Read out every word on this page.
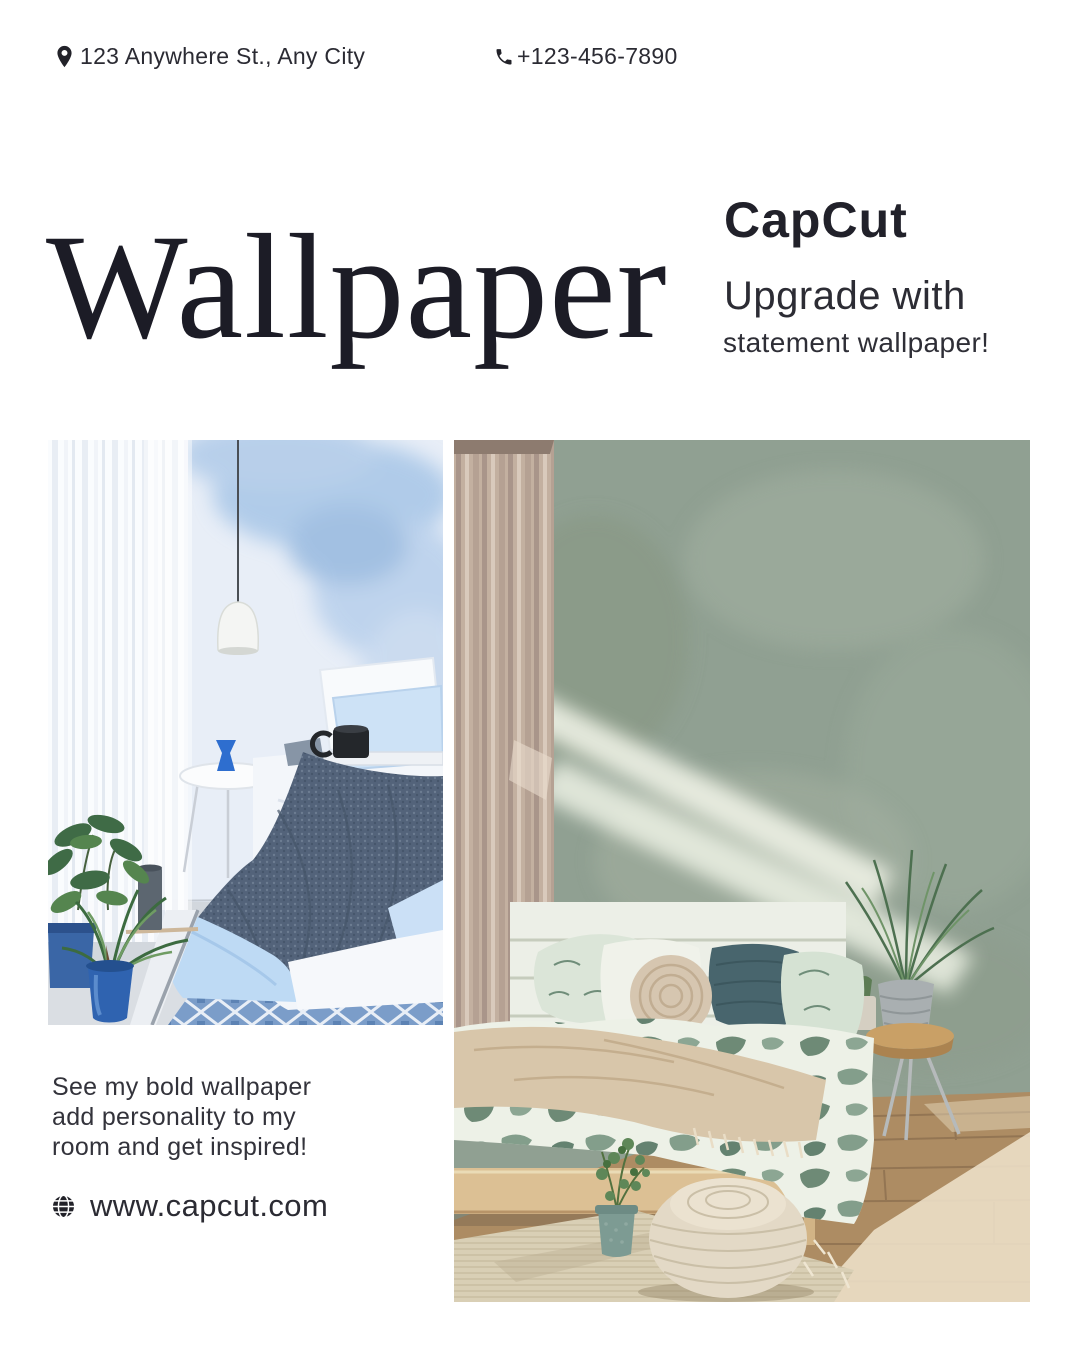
123 Anywhere St., Any City	+123-456-7890
Wallpaper CapCut
Upgrade with
statement wallpaper!

See my bold wallpaper
add personality to my
room and get inspired!

www.capcut.com
